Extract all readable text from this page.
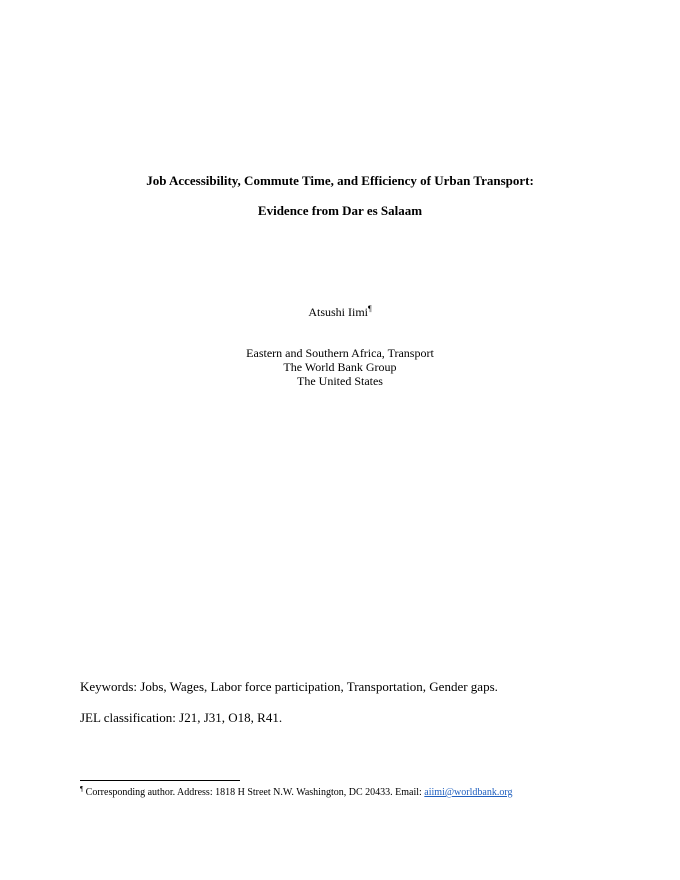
Job Accessibility, Commute Time, and Efficiency of Urban Transport:
Evidence from Dar es Salaam
Atsushi Iimi¶
Eastern and Southern Africa, Transport
The World Bank Group
The United States
Keywords: Jobs, Wages, Labor force participation, Transportation, Gender gaps.
JEL classification: J21, J31, O18, R41.
¶ Corresponding author. Address: 1818 H Street N.W. Washington, DC 20433. Email: aiimi@worldbank.org
